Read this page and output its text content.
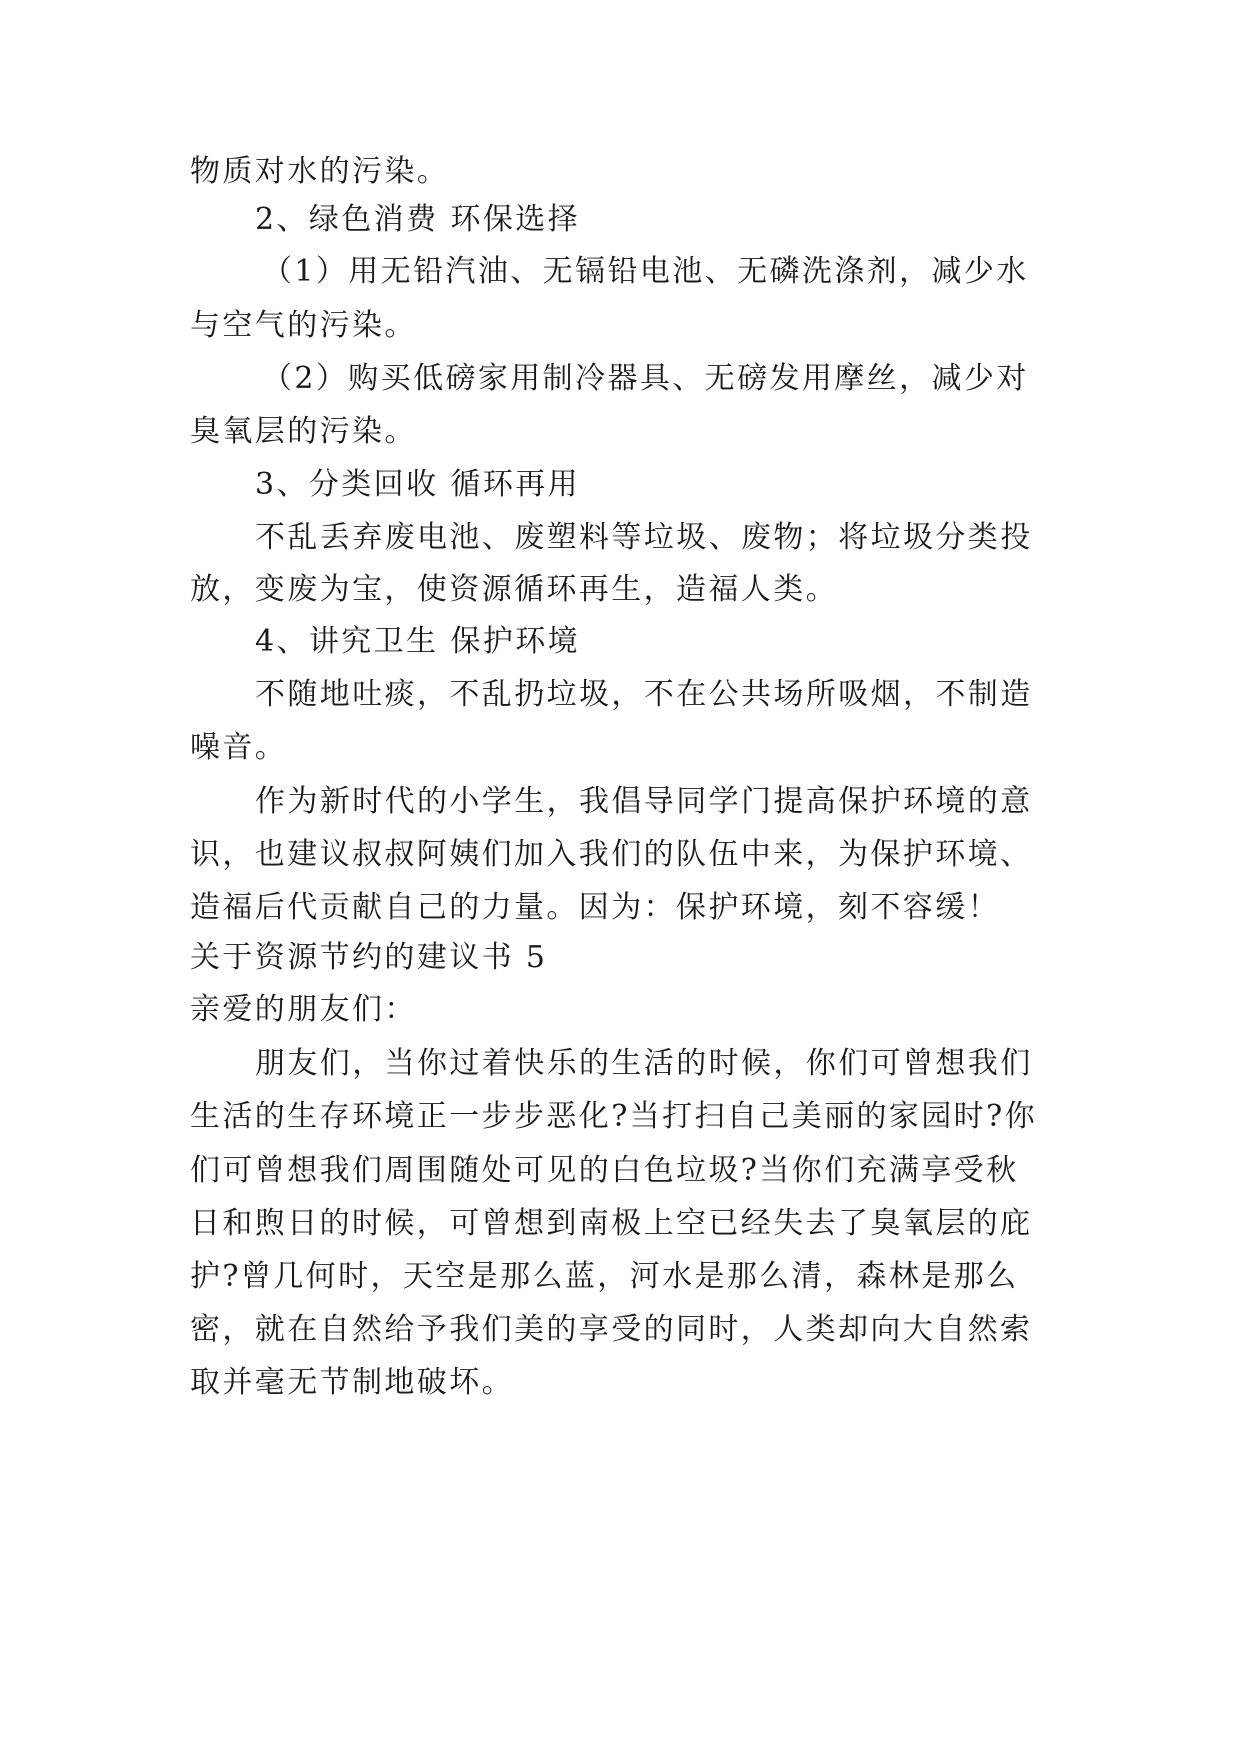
物质对水的污染。
2、绿色消费 环保选择
（1）用无铅汽油、无镉铅电池、无磷洗涤剂，减少水
与空气的污染。
（2）购买低磅家用制冷器具、无磅发用摩丝，减少对
臭氧层的污染。
3、分类回收 循环再用
不乱丢弃废电池、废塑料等垃圾、废物；将垃圾分类投
放，变废为宝，使资源循环再生，造福人类。
4、讲究卫生 保护环境
不随地吐痰，不乱扔垃圾，不在公共场所吸烟，不制造
噪音。
作为新时代的小学生，我倡导同学门提高保护环境的意
识，也建议叔叔阿姨们加入我们的队伍中来，为保护环境、
造福后代贡献自己的力量。因为：保护环境，刻不容缓！
关于资源节约的建议书 5
亲爱的朋友们：
朋友们，当你过着快乐的生活的时候，你们可曾想我们
生活的生存环境正一步步恶化?当打扫自己美丽的家园时?你
们可曾想我们周围随处可见的白色垃圾?当你们充满享受秋
日和煦日的时候，可曾想到南极上空已经失去了臭氧层的庇
护?曾几何时，天空是那么蓝，河水是那么清，森林是那么
密，就在自然给予我们美的享受的同时，人类却向大自然索
取并毫无节制地破坏。
